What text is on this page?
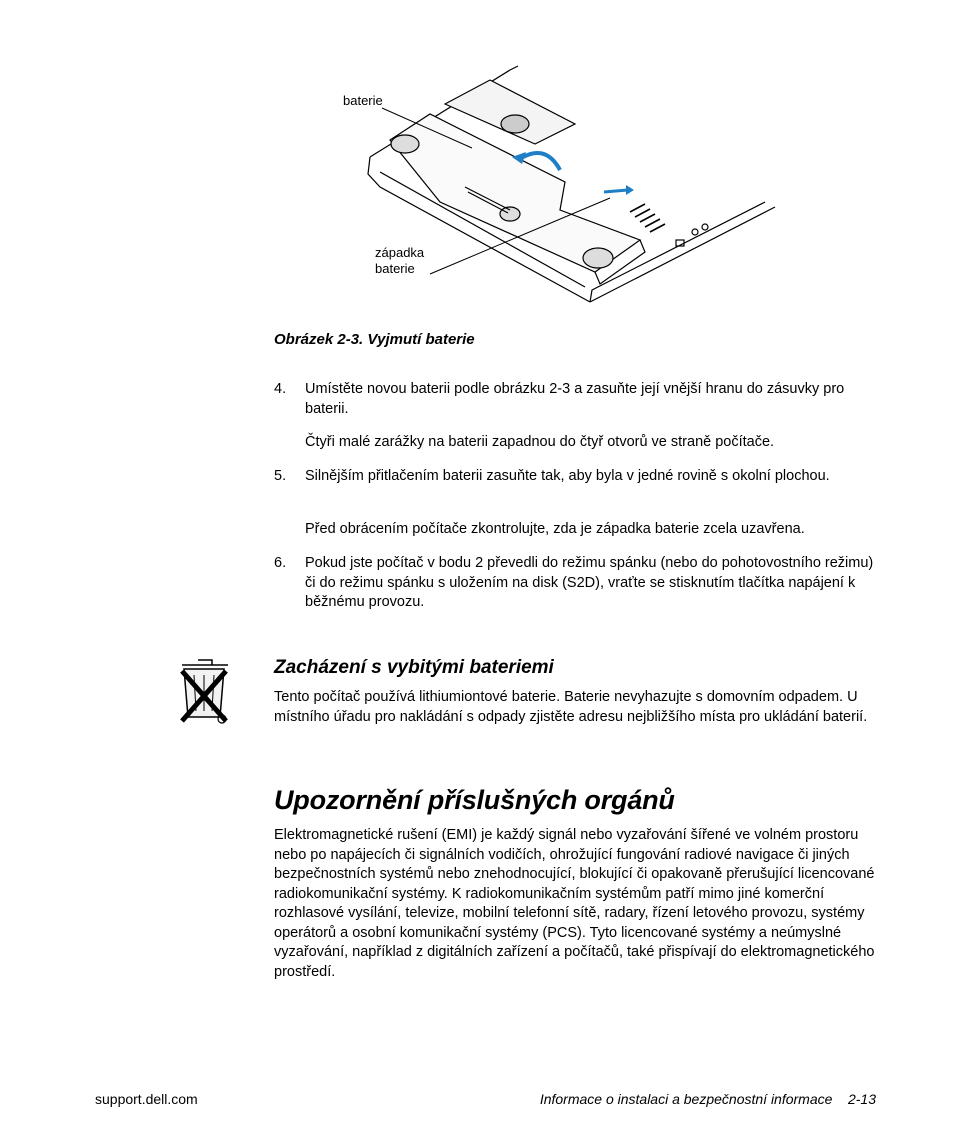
baterie
západka
baterie
Obrázek 2-3. Vyjmutí baterie
4.	Umístěte novou baterii podle obrázku 2-3 a zasuňte její vnější hranu do zásuvky pro baterii.
Čtyři malé zarážky na baterii zapadnou do čtyř otvorů ve straně počítače.
5.	Silnějším přitlačením baterii zasuňte tak, aby byla v jedné rovině s okolní plochou.
Před obrácením počítače zkontrolujte, zda je západka baterie zcela uzavřena.
6.	Pokud jste počítač v bodu 2 převedli do režimu spánku (nebo do pohotovostního režimu) či do režimu spánku s uložením na disk (S2D), vraťte se stisknutím tlačítka napájení k běžnému provozu.
Zacházení s vybitými bateriemi
Tento počítač používá lithiumiontové baterie. Baterie nevyhazujte s domovním odpadem. U místního úřadu pro nakládání s odpady zjistěte adresu nejbližšího místa pro ukládání baterií.
Upozornění příslušných orgánů
Elektromagnetické rušení (EMI) je každý signál nebo vyzařování šířené ve volném prostoru nebo po napájecích či signálních vodičích, ohrožující fungování radiové navigace či jiných bezpečnostních systémů nebo znehodnocující, blokující či opakovaně přerušující licencované radiokomunikační systémy. K radiokomunikačním systémům patří mimo jiné komerční rozhlasové vysílání, televize, mobilní telefonní sítě, radary, řízení letového provozu, systémy operátorů a osobní komunikační systémy (PCS). Tyto licencované systémy a neúmyslné vyzařování, například z digitálních zařízení a počítačů, také přispívají do elektromagnetického prostředí.
support.dell.com	Informace o instalaci a bezpečnostní informace    2-13
